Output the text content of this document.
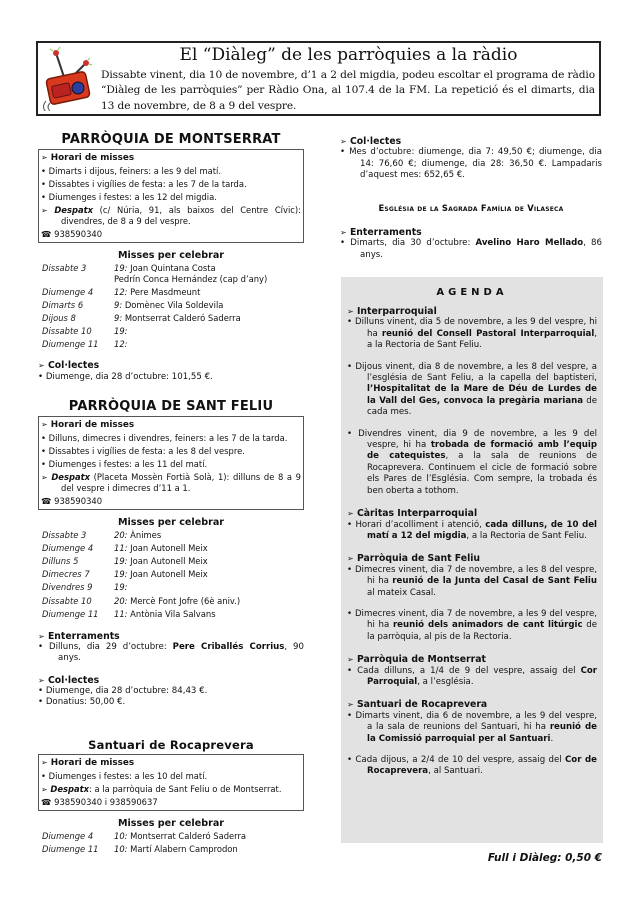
El “Diàleg” de les parròquies a la ràdio
Dissabte vinent, dia 10 de novembre, d’1 a 2 del migdia, podeu escoltar el programa de ràdio “Diàleg de les parròquies” per Ràdio Ona, al 107.4 de la FM. La repetició és el dimarts, dia 13 de novembre, de 8 a 9 del vespre.
PARRÒQUIA DE MONTSERRAT
➢ Horari de misses
• Dimarts i dijous, feiners: a les 9 del matí.
• Dissabtes i vigílies de festa: a les 7 de la tarda.
• Diumenges i festes: a les 12 del migdia.
➢ Despatx (c/ Núria, 91, als baixos del Centre Cívic): divendres, de 8 a 9 del vespre.
☎ 938590340
Misses per celebrar
Dissabte 3	19: Joan Quintana Costa
Pedrín Conca Hernández (cap d’any)
Diumenge 4	12: Pere Masdmeunt
Dimarts 6	9: Domènec Vila Soldevila
Dijous 8	9: Montserrat Calderó Saderra
Dissabte 10	19:
Diumenge 11	12:
➢ Col·lectes
• Diumenge, dia 28 d’octubre: 101,55 €.
PARRÒQUIA DE SANT FELIU
➢ Horari de misses
• Dilluns, dimecres i divendres, feiners: a les 7 de la tarda.
• Dissabtes i vigílies de festa: a les 8 del vespre.
• Diumenges i festes: a les 11 del matí.
➢ Despatx (Placeta Mossèn Fortià Solà, 1): dilluns de 8 a 9 del vespre i dimecres d’11 a 1.
☎ 938590340
Misses per celebrar
Dissabte 3	20: Ànimes
Diumenge 4	11: Joan Autonell Meix
Dilluns 5	19: Joan Autonell Meix
Dimecres 7	19: Joan Autonell Meix
Divendres 9	19:
Dissabte 10	20: Mercè Font Jofre (6è aniv.)
Diumenge 11	11: Antònia Vila Salvans
➢ Enterraments
• Dilluns, dia 29 d’octubre: Pere Criballés Corrius, 90 anys.
➢ Col·lectes
• Diumenge, dia 28 d’octubre: 84,43 €.
• Donatius: 50,00 €.
Santuari de Rocaprevera
➢ Horari de misses
• Diumenges i festes: a les 10 del matí.
➢ Despatx: a la parròquia de Sant Feliu o de Montserrat.
☎ 938590340 i 938590637
Misses per celebrar
Diumenge 4	10: Montserrat Calderó Saderra
Diumenge 11	10: Martí Alabern Camprodon
➢ Col·lectes
• Mes d’octubre: diumenge, dia 7: 49,50 €; diumenge, dia 14: 76,60 €; diumenge, dia 28: 36,50 €. Lampadaris d’aquest mes: 652,65 €.
Església de la Sagrada Família de Vilaseca
➢ Enterraments
• Dimarts, dia 30 d’octubre: Avelino Haro Mellado, 86 anys.
AGENDA
➢ Interparroquial
• Dilluns vinent, dia 5 de novembre, a les 9 del vespre, hi ha reunió del Consell Pastoral Interparroquial, a la Rectoria de Sant Feliu.
• Dijous vinent, dia 8 de novembre, a les 8 del vespre, a l’església de Sant Feliu, a la capella del baptisteri, l’Hospitalitat de la Mare de Déu de Lurdes de la Vall del Ges, convoca la pregària mariana de cada mes.
• Divendres vinent, dia 9 de novembre, a les 9 del vespre, hi ha trobada de formació amb l’equip de catequistes, a la sala de reunions de Rocaprevera. Continuem el cicle de formació sobre els Pares de l’Església. Com sempre, la trobada és ben oberta a tothom.
➢ Càritas Interparroquial
• Horari d’acolliment i atenció, cada dilluns, de 10 del matí a 12 del migdia, a la Rectoria de Sant Feliu.
➢ Parròquia de Sant Feliu
• Dimecres vinent, dia 7 de novembre, a les 8 del vespre, hi ha reunió de la Junta del Casal de Sant Feliu al mateix Casal.
• Dimecres vinent, dia 7 de novembre, a les 9 del vespre, hi ha reunió dels animadors de cant litúrgic de la parròquia, al pis de la Rectoria.
➢ Parròquia de Montserrat
• Cada dilluns, a 1/4 de 9 del vespre, assaig del Cor Parroquial, a l’església.
➢ Santuari de Rocaprevera
• Dimarts vinent, dia 6 de novembre, a les 9 del vespre, a la sala de reunions del Santuari, hi ha reunió de la Comissió parroquial per al Santuari.
• Cada dijous, a 2/4 de 10 del vespre, assaig del Cor de Rocaprevera, al Santuari.
Full i Diàleg: 0,50 €
